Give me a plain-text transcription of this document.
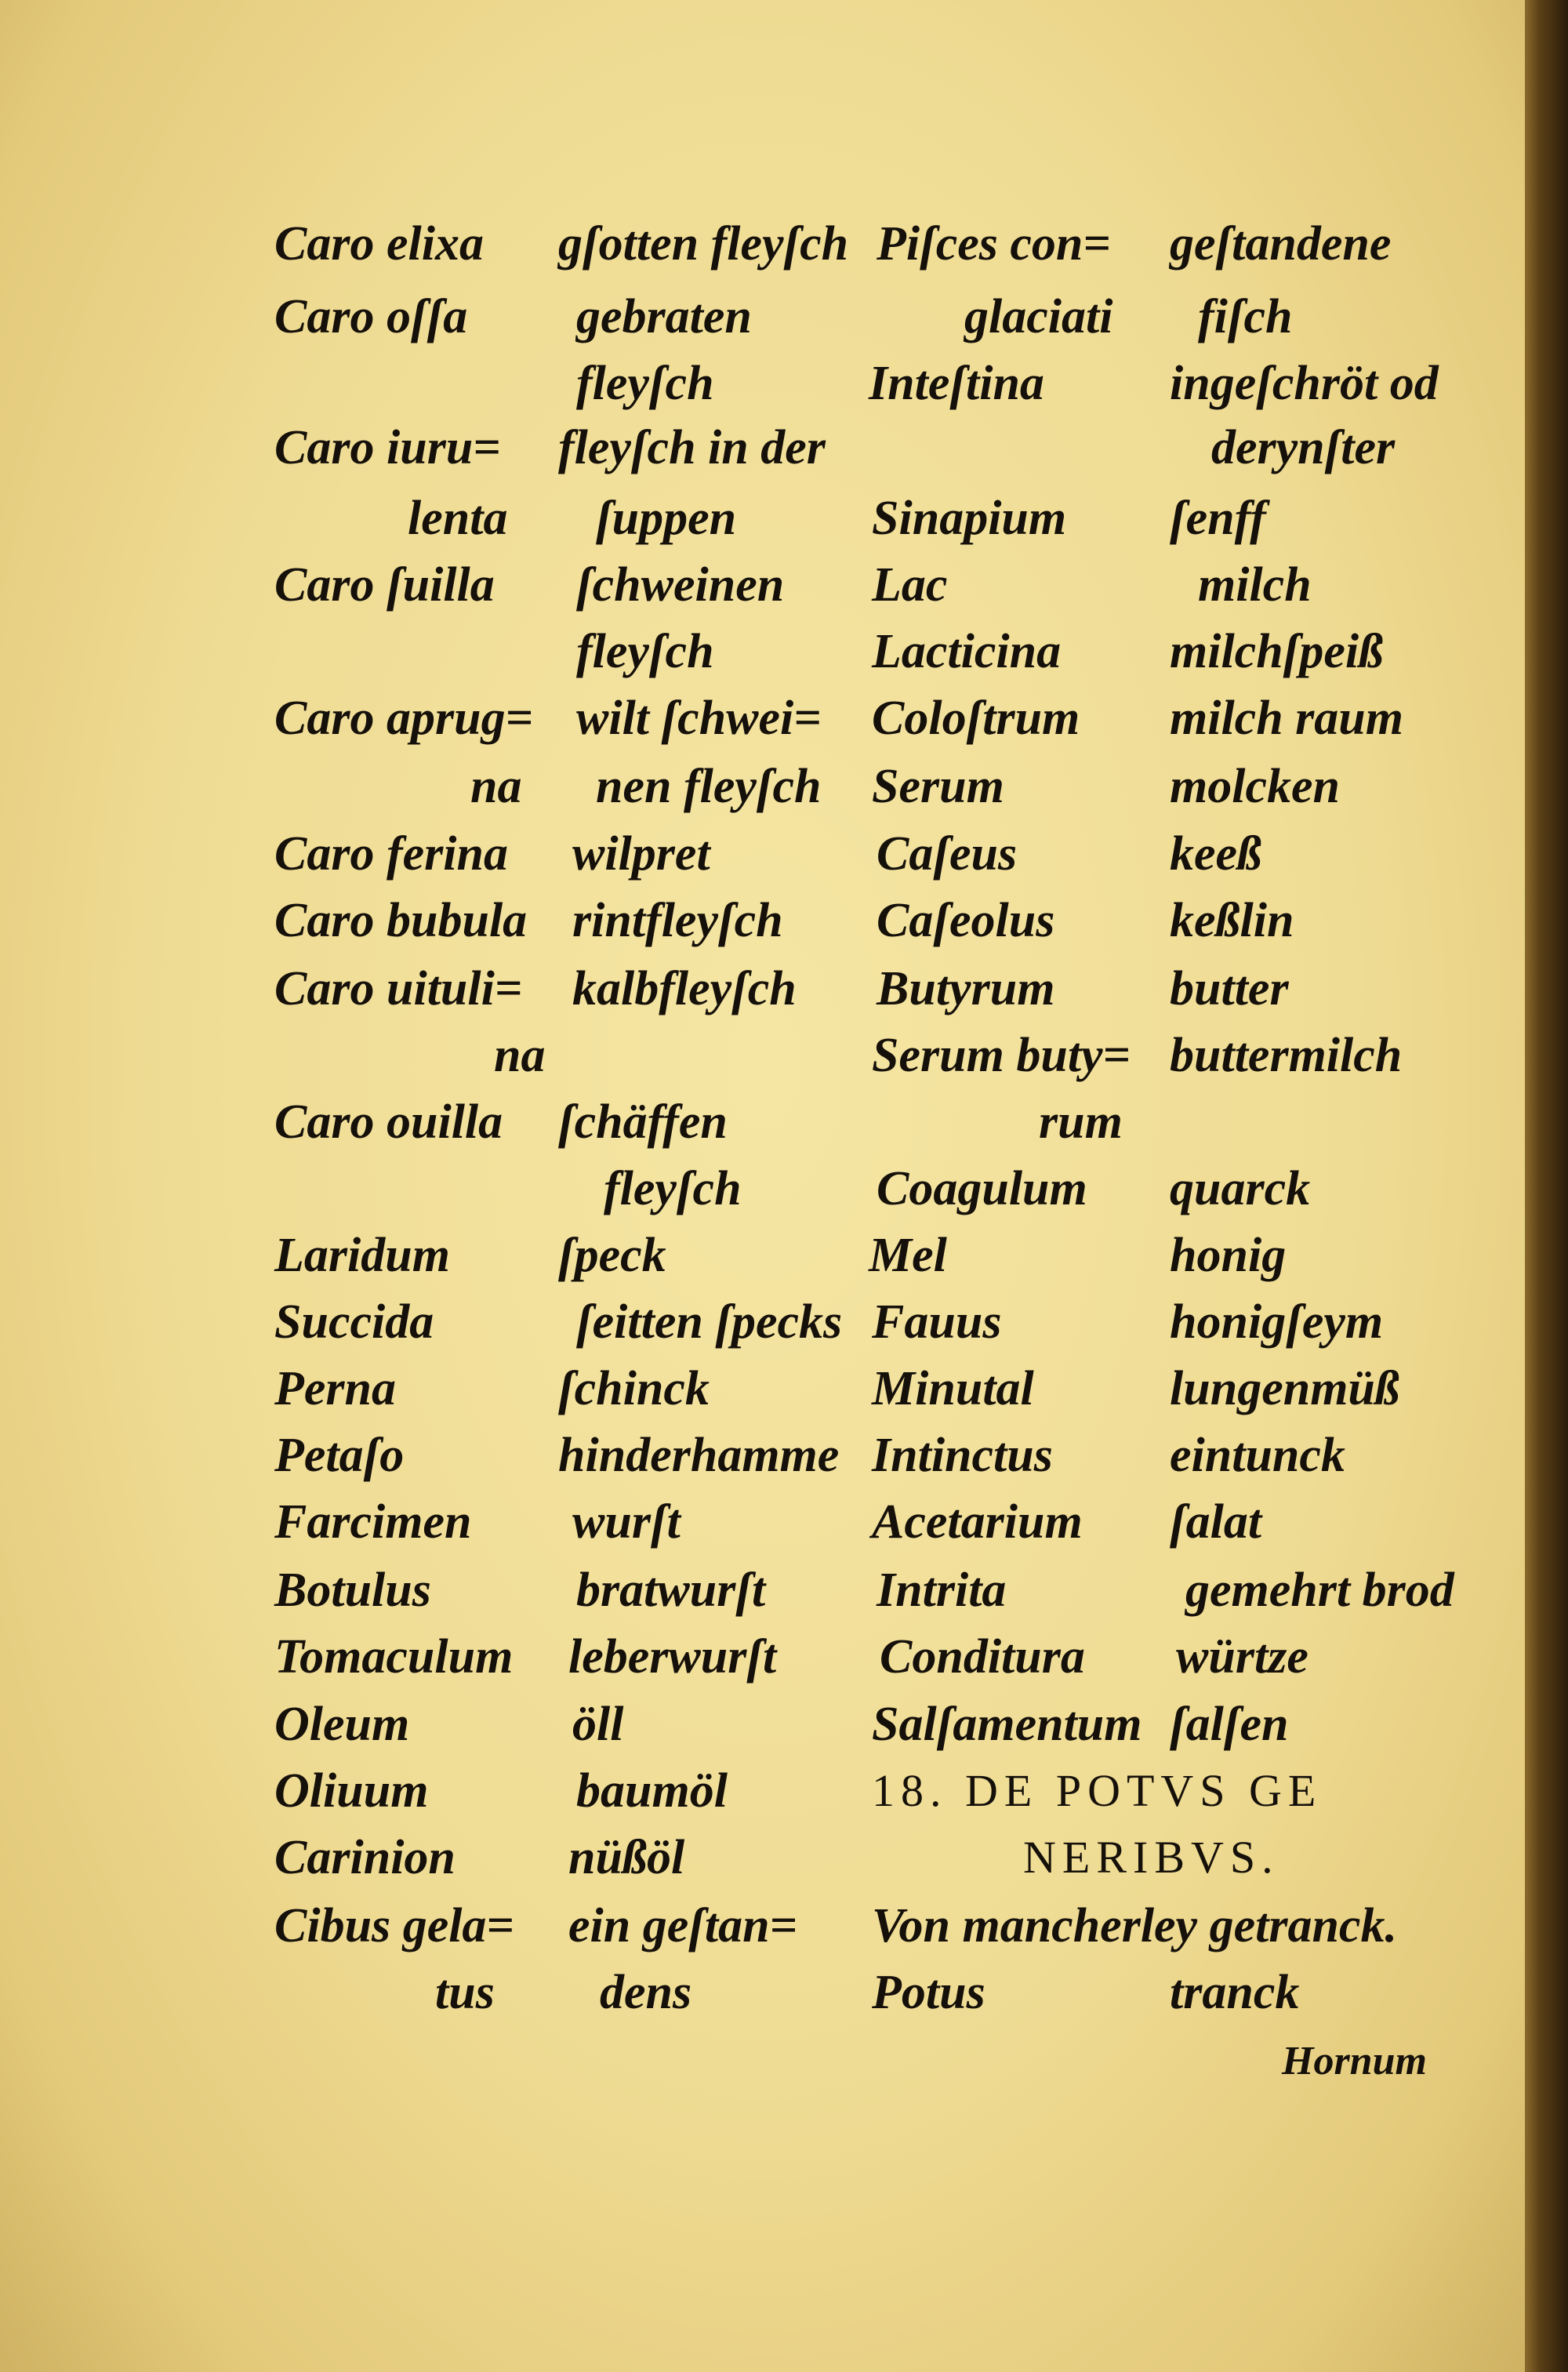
Caro elixa
Caro oſſa
Caro iuru=
lenta
Caro ſuilla
Caro aprug=
na
Caro ferina
Caro bubula
Caro uituli=
na
Caro ouilla
Laridum
Succida
Perna
Petaſo
Farcimen
Botulus
Tomaculum
Oleum
Oliuum
Carinion
Cibus gela=
tus
gſotten fleyſch
gebraten
fleyſch
fleyſch in der
ſuppen
ſchweinen
fleyſch
wilt ſchwei=
nen fleyſch
wilpret
rintfleyſch
kalbfleyſch
ſchäffen
fleyſch
ſpeck
ſeitten ſpecks
ſchinck
hinderhamme
wurſt
bratwurſt
leberwurſt
öll
baumöl
nüßöl
ein geſtan=
dens
Piſces con=
glaciati
Inteſtina
Sinapium
Lac
Lacticina
Coloſtrum
Serum
Caſeus
Caſeolus
Butyrum
Serum buty=
rum
Coagulum
Mel
Fauus
Minutal
Intinctus
Acetarium
Intrita
Conditura
Salſamentum
Von mancherley getranck.
Potus
18. DE POTVS GE
NERIBVS.
geſtandene
fiſch
ingeſchröt od
derynſter
ſenff
milch
milchſpeiß
milch raum
molcken
keeß
keßlin
butter
buttermilch
quarck
honig
honigſeym
lungenmüß
eintunck
ſalat
gemehrt brod
würtze
ſalſen
tranck
Hornum
